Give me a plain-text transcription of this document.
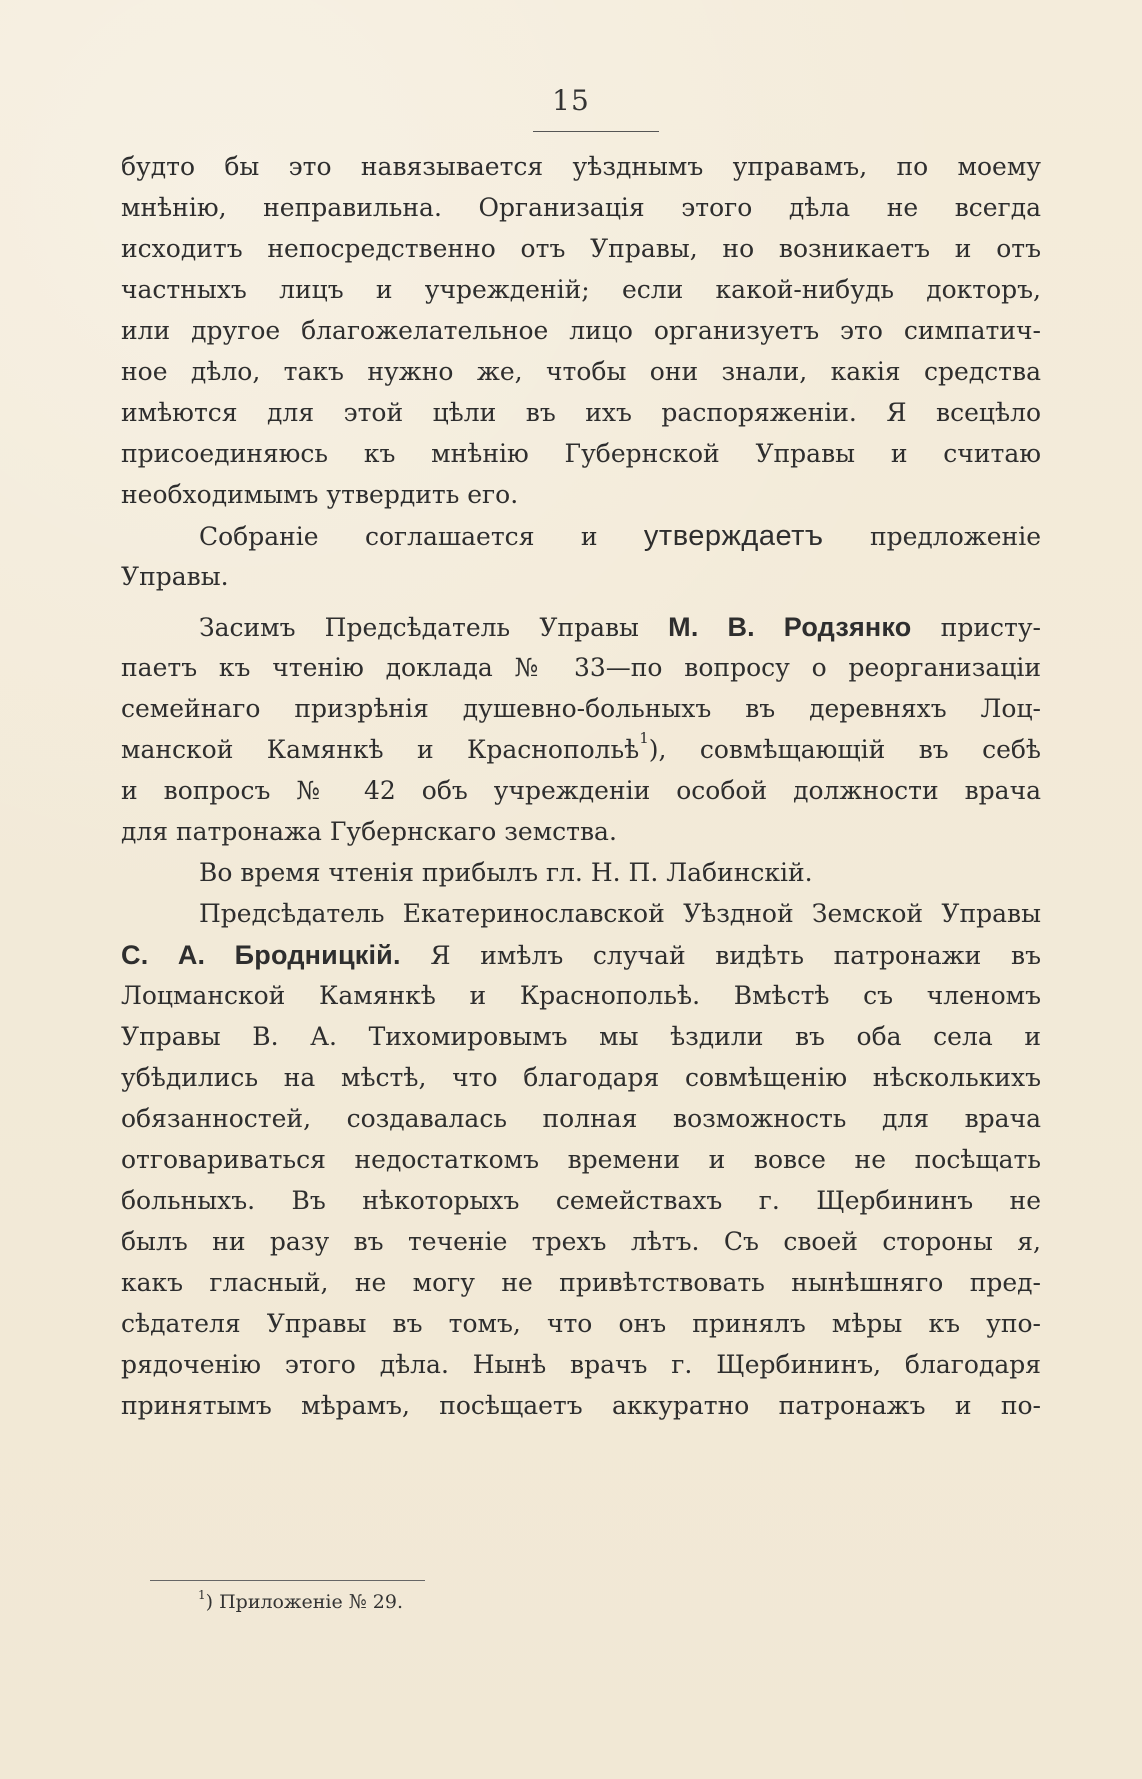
15
будто бы это навязывается уѣзднымъ управамъ, по моему
мнѣнію, неправильна. Организація этого дѣла не всегда
исходитъ непосредственно отъ Управы, но возникаетъ и отъ
частныхъ лицъ и учрежденій; если какой-нибудь докторъ,
или другое благожелательное лицо организуетъ это симпатич-
ное дѣло, такъ нужно же, чтобы они знали, какія средства
имѣются для этой цѣли въ ихъ распоряженіи. Я всецѣло
присоединяюсь къ мнѣнію Губернской Управы и считаю
необходимымъ утвердить его.
Собраніе соглашается и утверждаетъ предложеніе
Управы.
Засимъ Предсѣдатель Управы М. В. Родзянко присту-
паетъ къ чтенію доклада № 33—по вопросу о реорганизаціи
семейнаго призрѣнія душевно-больныхъ въ деревняхъ Лоц-
манской Камянкѣ и Краснопольѣ$^1$), совмѣщающій въ себѣ
и вопросъ № 42 объ учрежденіи особой должности врача
для патронажа Губернскаго земства.
Во время чтенія прибылъ гл. Н. П. Лабинскій.
Предсѣдатель Екатеринославской Уѣздной Земской Управы
С. А. Бродницкій. Я имѣлъ случай видѣть патронажи въ
Лоцманской Камянкѣ и Краснопольѣ. Вмѣстѣ съ членомъ
Управы В. А. Тихомировымъ мы ѣздили въ оба села и
убѣдились на мѣстѣ, что благодаря совмѣщенію нѣсколькихъ
обязанностей, создавалась полная возможность для врача
отговариваться недостаткомъ времени и вовсе не посѣщать
больныхъ. Въ нѣкоторыхъ семействахъ г. Щербининъ не
былъ ни разу въ теченіе трехъ лѣтъ. Съ своей стороны я,
какъ гласный, не могу не привѣтствовать нынѣшняго пред-
сѣдателя Управы въ томъ, что онъ принялъ мѣры къ упо-
рядоченію этого дѣла. Нынѣ врачъ г. Щербининъ, благодаря
принятымъ мѣрамъ, посѣщаетъ аккуратно патронажъ и по-
$^1$) Приложеніе № 29.
